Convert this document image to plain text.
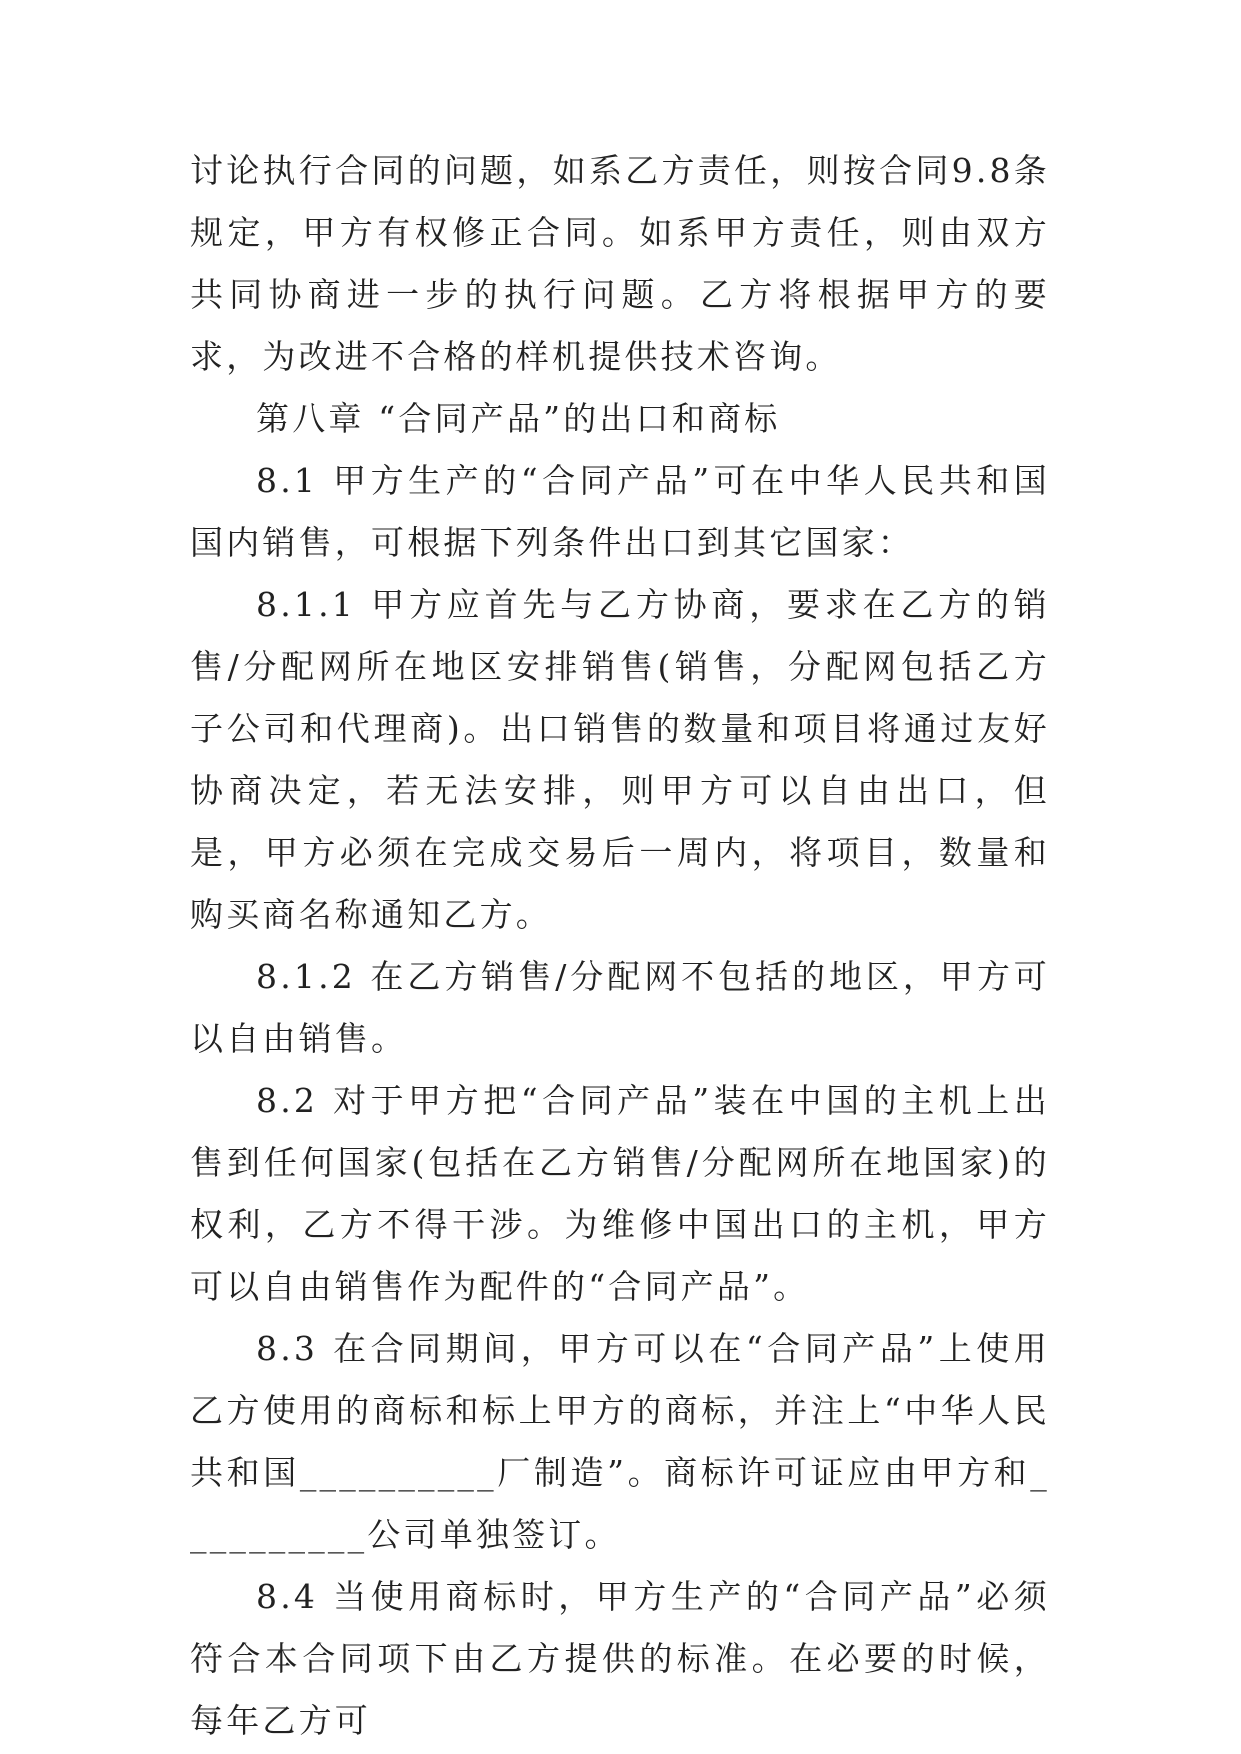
讨论执行合同的问题，如系乙方责任，则按合同9.8条规定，甲方有权修正合同。如系甲方责任，则由双方共同协商进一步的执行问题。乙方将根据甲方的要求，为改进不合格的样机提供技术咨询。

第八章 “合同产品”的出口和商标

8.1 甲方生产的“合同产品”可在中华人民共和国国内销售，可根据下列条件出口到其它国家：

8.1.1 甲方应首先与乙方协商，要求在乙方的销售/分配网所在地区安排销售(销售，分配网包括乙方子公司和代理商)。出口销售的数量和项目将通过友好协商决定，若无法安排，则甲方可以自由出口，但是，甲方必须在完成交易后一周内，将项目，数量和购买商名称通知乙方。

8.1.2 在乙方销售/分配网不包括的地区，甲方可以自由销售。

8.2 对于甲方把“合同产品”装在中国的主机上出售到任何国家(包括在乙方销售/分配网所在地国家)的权利，乙方不得干涉。为维修中国出口的主机，甲方可以自由销售作为配件的“合同产品”。

8.3 在合同期间，甲方可以在“合同产品”上使用乙方使用的商标和标上甲方的商标，并注上“中华人民共和国__________厂制造”。商标许可证应由甲方和__________公司单独签订。

8.4 当使用商标时，甲方生产的“合同产品”必须符合本合同项下由乙方提供的标准。在必要的时候，每年乙方可
